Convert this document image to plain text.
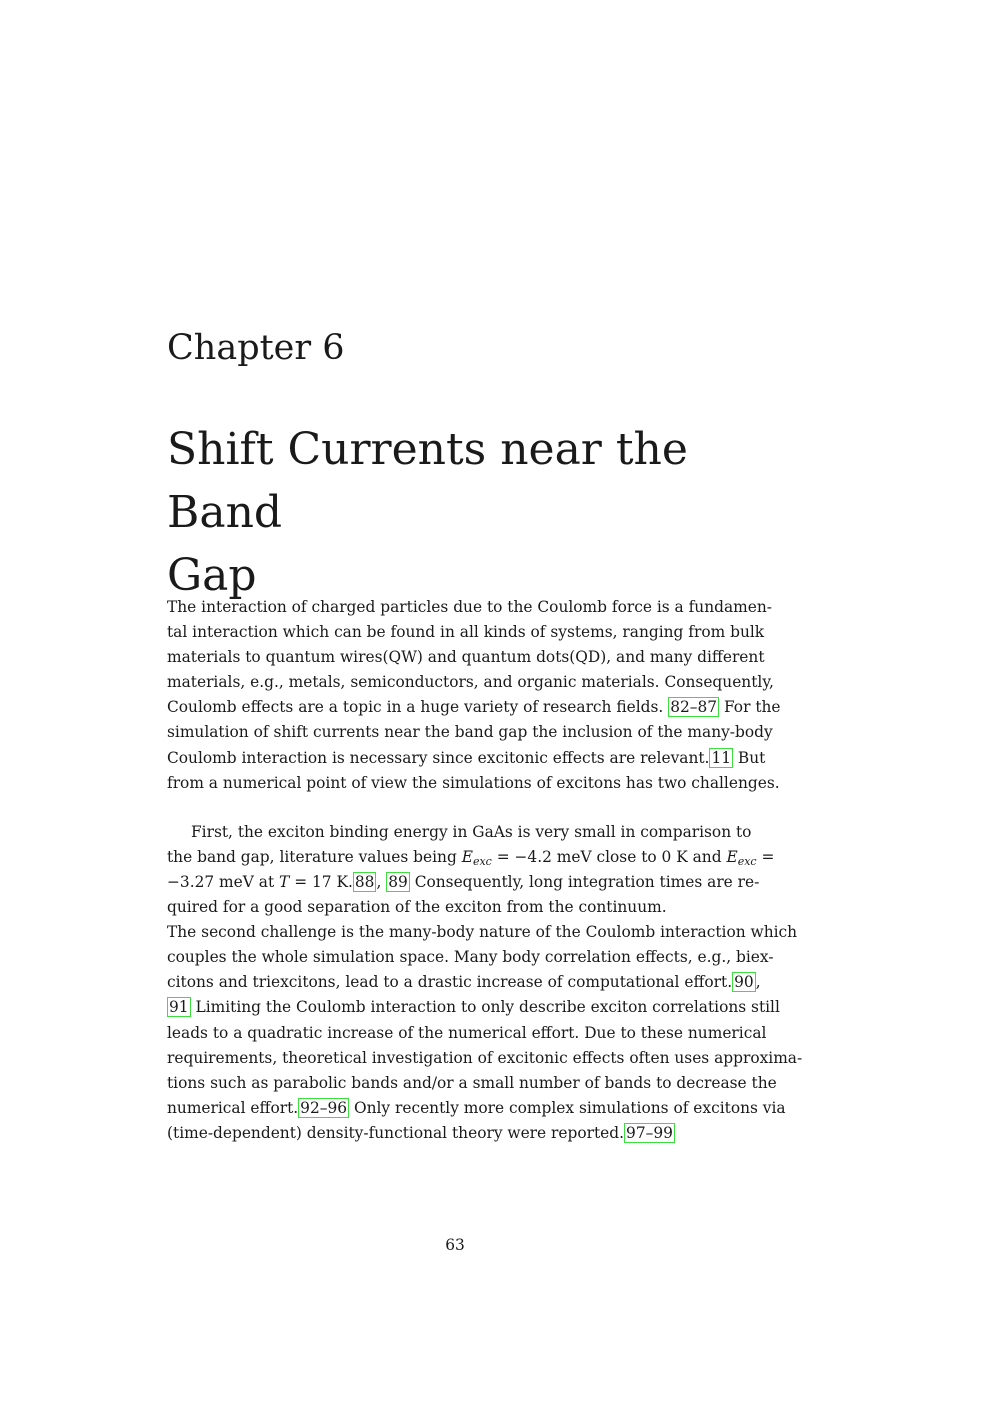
Chapter 6
Shift Currents near the Band
Gap
The interaction of charged particles due to the Coulomb force is a fundamen-
tal interaction which can be found in all kinds of systems, ranging from bulk
materials to quantum wires(QW) and quantum dots(QD), and many different
materials, e.g., metals, semiconductors, and organic materials. Consequently,
Coulomb effects are a topic in a huge variety of research fields. 82–87 For the
simulation of shift currents near the band gap the inclusion of the many-body
Coulomb interaction is necessary since excitonic effects are relevant. 11 But
from a numerical point of view the simulations of excitons has two challenges.
First, the exciton binding energy in GaAs is very small in comparison to
the band gap, literature values being $E_{exc} = -4.2$ meV close to 0 K and $E_{exc}$ =
−3.27 meV at T = 17 K. 88 , 89 Consequently, long integration times are re-
quired for a good separation of the exciton from the continuum.
The second challenge is the many-body nature of the Coulomb interaction which
couples the whole simulation space. Many body correlation effects, e.g., biex-
citons and triexcitons, lead to a drastic increase of computational effort. 90 ,
91 Limiting the Coulomb interaction to only describe exciton correlations still
leads to a quadratic increase of the numerical effort. Due to these numerical
requirements, theoretical investigation of excitonic effects often uses approxima-
tions such as parabolic bands and/or a small number of bands to decrease the
numerical effort. 92–96 Only recently more complex simulations of excitons via
(time-dependent) density-functional theory were reported. 97–99
63
